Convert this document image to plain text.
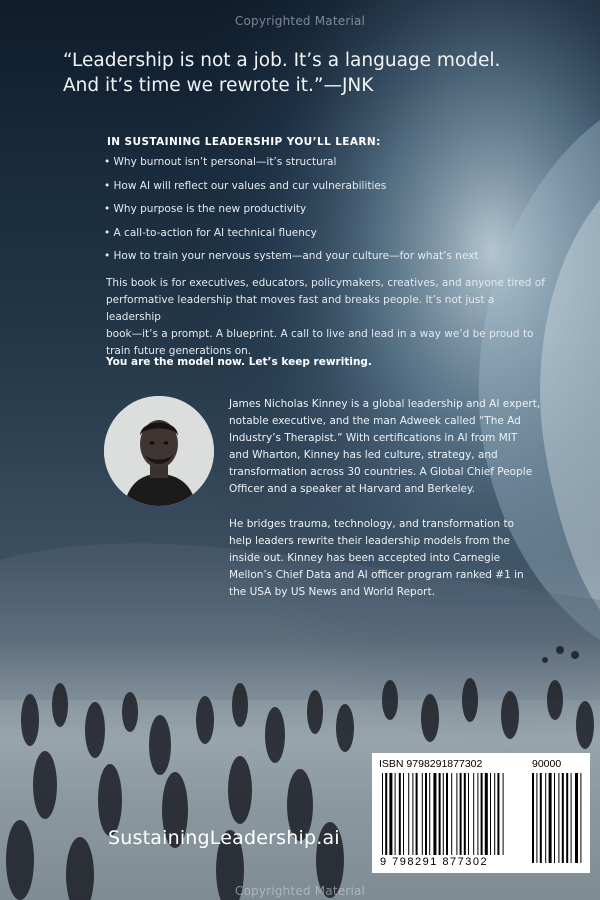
Copyrighted Material
“Leadership is not a job. It’s a language model.
And it’s time we rewrote it.”—JNK
IN SUSTAINING LEADERSHIP YOU’LL LEARN:
• Why burnout isn’t personal—it’s structural
• How AI will reflect our values and cur vulnerabilities
• Why purpose is the new productivity
• A call-to-action for AI technical fluency
• How to train your nervous system—and your culture—for what’s next

This book is for executives, educators, policymakers, creatives, and anyone tired of
performative leadership that moves fast and breaks people. It’s not just a leadership
book—it’s a prompt. A blueprint. A call to live and lead in a way we’d be proud to
train future generations on.

You are the model now. Let’s keep rewriting.

James Nicholas Kinney is a global leadership and AI expert,
notable executive, and the man Adweek called “The Ad
Industry’s Therapist.” With certifications in AI from MIT
and Wharton, Kinney has led culture, strategy, and
transformation across 30 countries. A Global Chief People
Officer and a speaker at Harvard and Berkeley.

He bridges trauma, technology, and transformation to
help leaders rewrite their leadership models from the
inside out. Kinney has been accepted into Carnegie
Mellon’s Chief Data and AI officer program ranked #1 in
the USA by US News and World Report.

SustainingLeadership.ai
ISBN 9798291877302	90000
9 798291 877302
Copyrighted Material
